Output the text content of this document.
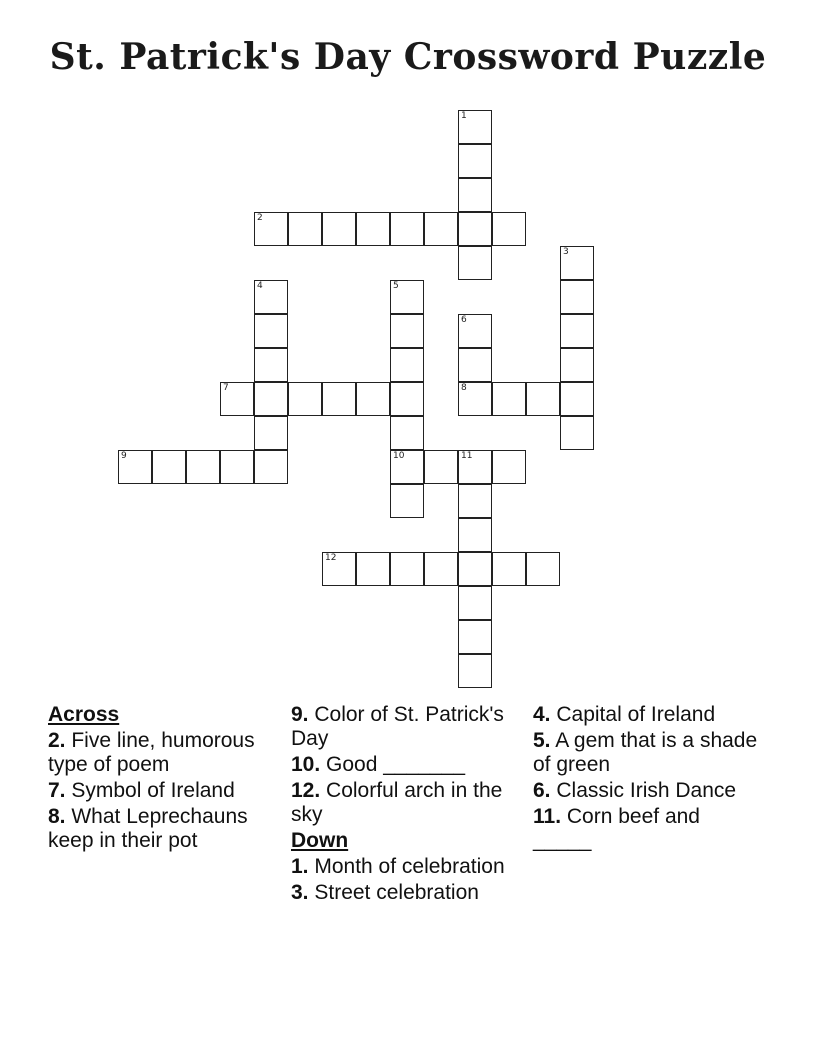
St. Patrick's Day Crossword Puzzle
1
2
3
4	5
6
8
7
9	11
10
12
Across
2. Five line, humorous type of poem
7. Symbol of Ireland
8. What Leprechauns keep in their pot
9. Color of St. Patrick's Day
10. Good _______
12. Colorful arch in the sky
Down
1. Month of celebration
3. Street celebration
4. Capital of Ireland
5. A gem that is a shade of green
6. Classic Irish Dance
11. Corn beef and _____
